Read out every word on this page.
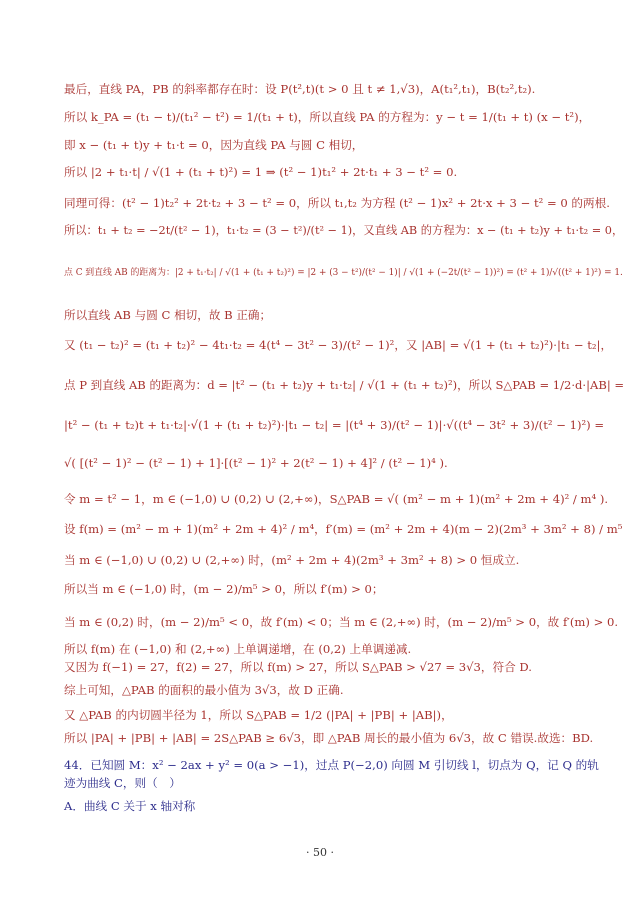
最后，直线 PA，PB 的斜率都存在时：设 P(t²,t)(t > 0 且 t ≠ 1,√3)，A(t₁²,t₁)，B(t₂²,t₂).
所以 k_PA = (t₁ − t)/(t₁² − t²) = 1/(t₁ + t)，所以直线 PA 的方程为：y − t = 1/(t₁ + t) (x − t²)，
即 x − (t₁ + t)y + t₁·t = 0，因为直线 PA 与圆 C 相切，
所以 |2 + t₁·t| / √(1 + (t₁ + t)²) = 1 ⇒ (t² − 1)t₁² + 2t·t₁ + 3 − t² = 0.
同理可得：(t² − 1)t₂² + 2t·t₂ + 3 − t² = 0，所以 t₁,t₂ 为方程 (t² − 1)x² + 2t·x + 3 − t² = 0 的两根.
所以：t₁ + t₂ = −2t/(t² − 1)，t₁·t₂ = (3 − t²)/(t² − 1)，又直线 AB 的方程为：x − (t₁ + t₂)y + t₁·t₂ = 0，
点 C 到直线 AB 的距离为：|2 + t₁·t₂| / √(1 + (t₁ + t₂)²) = |2 + (3 − t²)/(t² − 1)| / √(1 + (−2t/(t² − 1))²) = (t² + 1)/√((t² + 1)²) = 1.
所以直线 AB 与圆 C 相切，故 B 正确；
又 (t₁ − t₂)² = (t₁ + t₂)² − 4t₁·t₂ = 4(t⁴ − 3t² − 3)/(t² − 1)²，又 |AB| = √(1 + (t₁ + t₂)²)·|t₁ − t₂|，
点 P 到直线 AB 的距离为：d = |t² − (t₁ + t₂)y + t₁·t₂| / √(1 + (t₁ + t₂)²)，所以 S△PAB = 1/2·d·|AB| =
|t² − (t₁ + t₂)t + t₁·t₂|·√(1 + (t₁ + t₂)²)·|t₁ − t₂| = |(t⁴ + 3)/(t² − 1)|·√((t⁴ − 3t² + 3)/(t² − 1)²) =
√( [(t² − 1)² − (t² − 1) + 1]·[(t² − 1)² + 2(t² − 1) + 4]² / (t² − 1)⁴ ).
令 m = t² − 1，m ∈ (−1,0) ∪ (0,2) ∪ (2,+∞)，S△PAB = √( (m² − m + 1)(m² + 2m + 4)² / m⁴ ).
设 f(m) = (m² − m + 1)(m² + 2m + 4)² / m⁴，f′(m) = (m² + 2m + 4)(m − 2)(2m³ + 3m² + 8) / m⁵
当 m ∈ (−1,0) ∪ (0,2) ∪ (2,+∞) 时，(m² + 2m + 4)(2m³ + 3m² + 8) > 0 恒成立.
所以当 m ∈ (−1,0) 时，(m − 2)/m⁵ > 0，所以 f′(m) > 0；
当 m ∈ (0,2) 时，(m − 2)/m⁵ < 0，故 f′(m) < 0；当 m ∈ (2,+∞) 时，(m − 2)/m⁵ > 0，故 f′(m) > 0.
所以 f(m) 在 (−1,0) 和 (2,+∞) 上单调递增，在 (0,2) 上单调递减.
又因为 f(−1) = 27，f(2) = 27，所以 f(m) > 27，所以 S△PAB > √27 = 3√3，符合 D.
综上可知，△PAB 的面积的最小值为 3√3，故 D 正确.
又 △PAB 的内切圆半径为 1，所以 S△PAB = 1/2 (|PA| + |PB| + |AB|)，
所以 |PA| + |PB| + |AB| = 2S△PAB ≥ 6√3，即 △PAB 周长的最小值为 6√3，故 C 错误.故选：BD.
44．已知圆 M：x² − 2ax + y² = 0(a > −1)，过点 P(−2,0) 向圆 M 引切线 l，切点为 Q，记 Q 的轨
迹为曲线 C，则（　）
A．曲线 C 关于 x 轴对称
· 50 ·
